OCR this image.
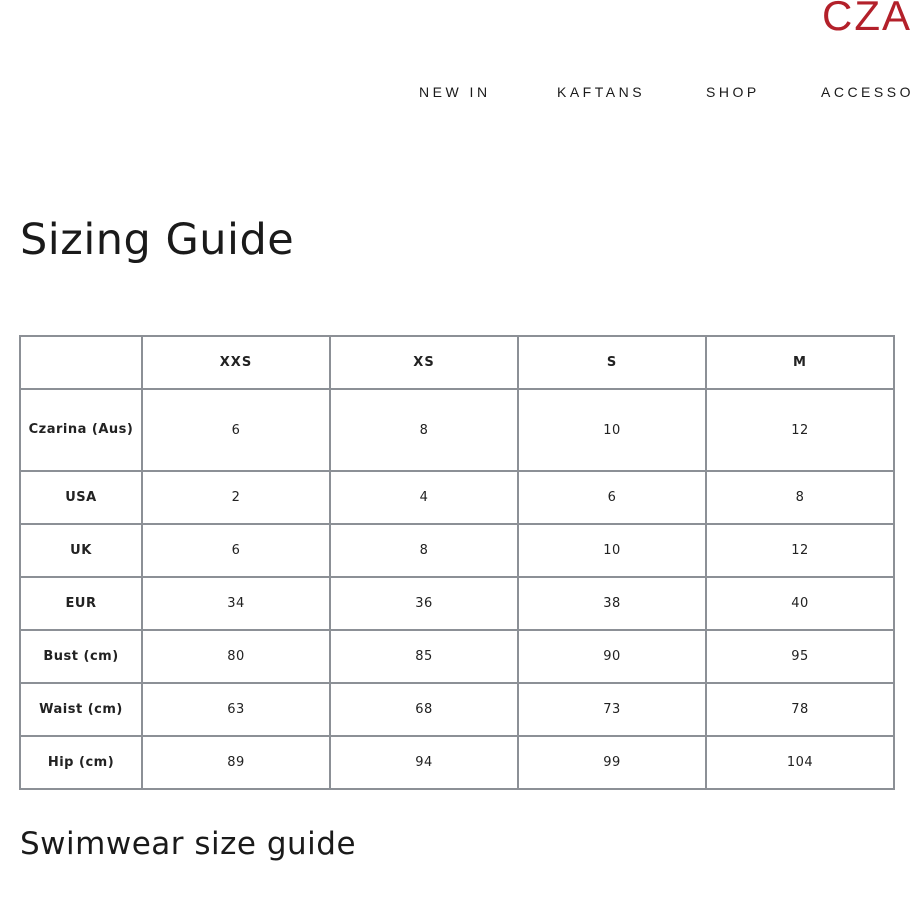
CZA
NEW IN	KAFTANS	SHOP	ACCESSO
Sizing Guide
	XXS	XS	S	M
Czarina (Aus)	6	8	10	12
USA	2	4	6	8
UK	6	8	10	12
EUR	34	36	38	40
Bust (cm)	80	85	90	95
Waist (cm)	63	68	73	78
Hip (cm)	89	94	99	104
Swimwear size guide
